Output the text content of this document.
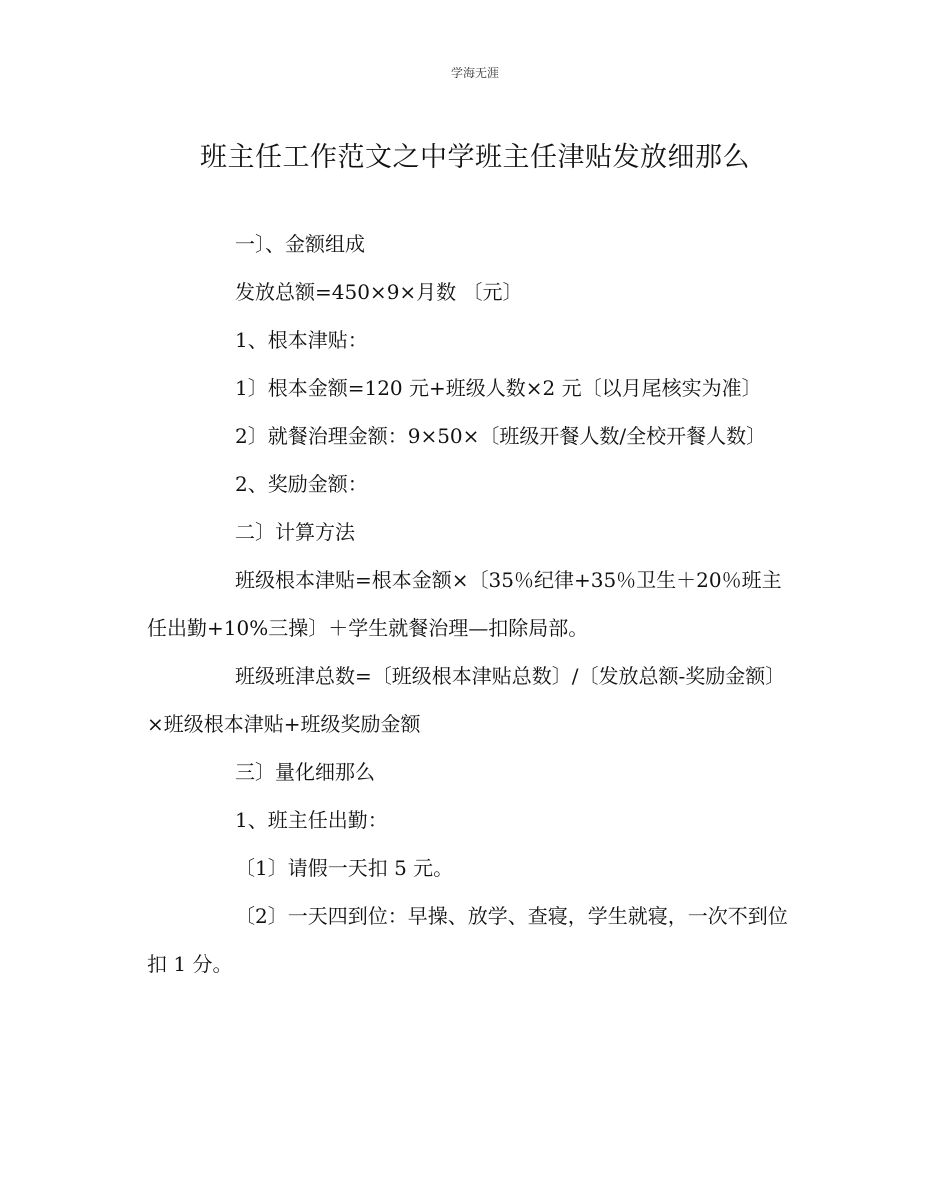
学海无涯
班主任工作范文之中学班主任津贴发放细那么

一〕、金额组成

发放总额=450×9×月数 〔元〕

1、根本津贴：

1〕根本金额=120 元+班级人数×2 元〔以月尾核实为准〕

2〕就餐治理金额：9×50×〔班级开餐人数/全校开餐人数〕

2、奖励金额：

二〕计算方法

班级根本津贴=根本金额×〔35％纪律+35％卫生＋20％班主任出勤+10%三操〕＋学生就餐治理—扣除局部。

班级班津总数=〔班级根本津贴总数〕/〔发放总额-奖励金额〕×班级根本津贴+班级奖励金额

三〕量化细那么

1、班主任出勤：

〔1〕请假一天扣 5 元。

〔2〕一天四到位：早操、放学、查寝，学生就寝，一次不到位扣 1 分。
